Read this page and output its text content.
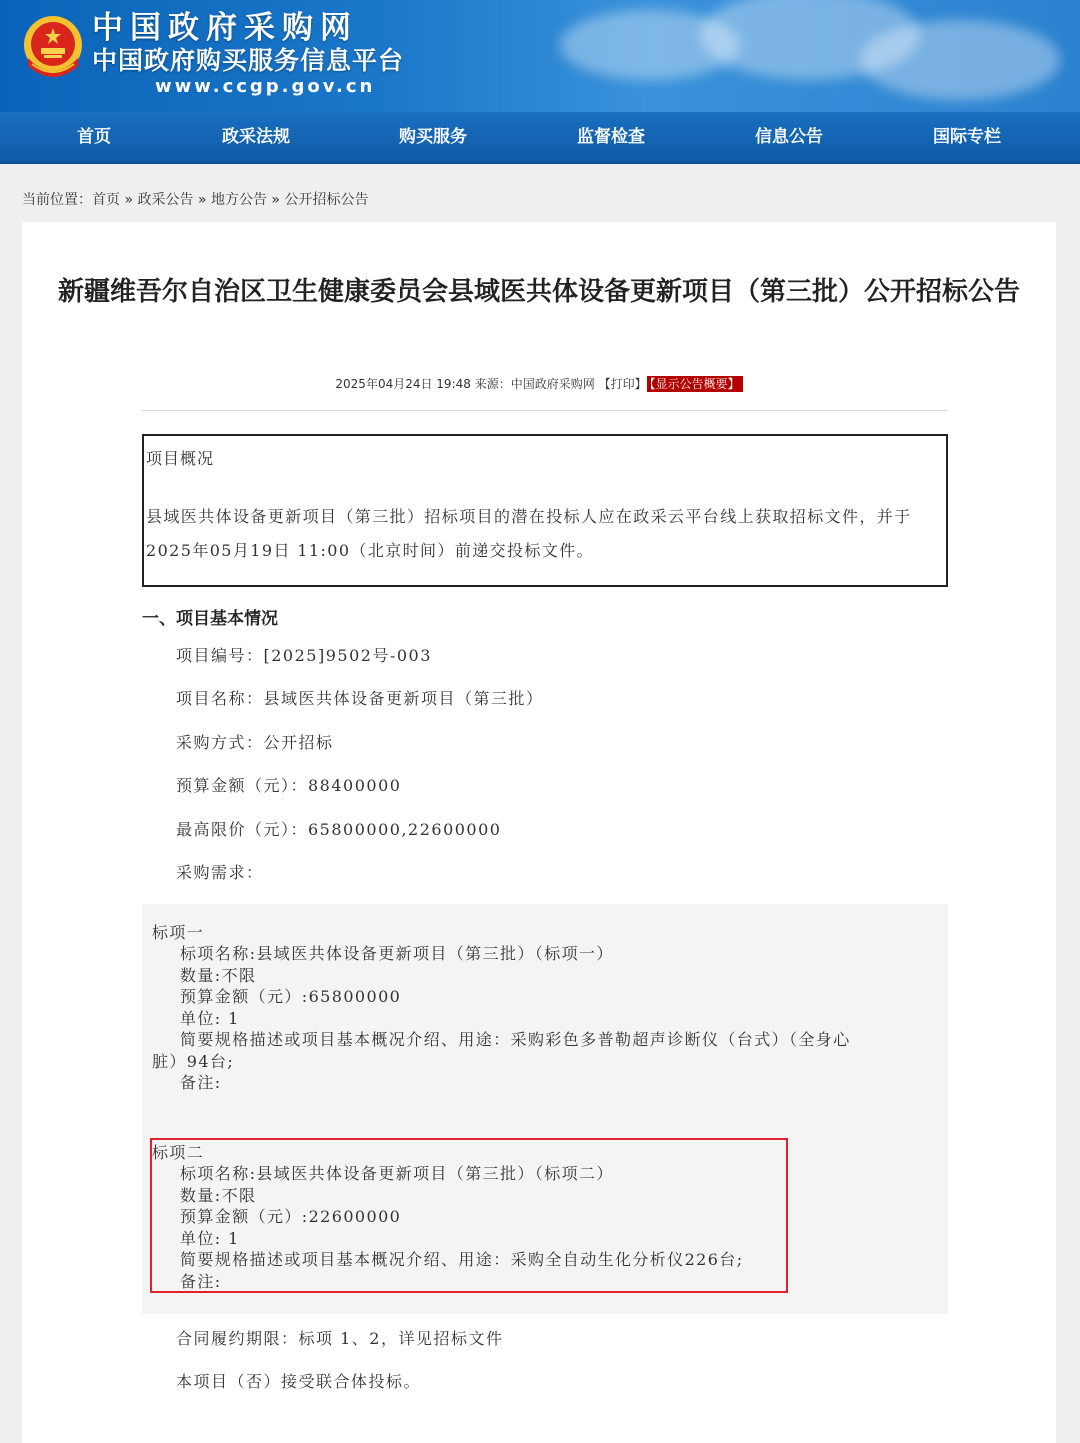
中国政府采购网
中国政府购买服务信息平台
www.ccgp.gov.cn
首页	政采法规	购买服务	监督检查	信息公告	国际专栏
当前位置：首页 » 政采公告 » 地方公告 » 公开招标公告
新疆维吾尔自治区卫生健康委员会县域医共体设备更新项目（第三批）公开招标公告
2025年04月24日 19:48 来源：中国政府采购网 【打印】 【显示公告概要】
项目概况
县域医共体设备更新项目（第三批）招标项目的潜在投标人应在政采云平台线上获取招标文件，并于2025年05月19日 11:00（北京时间）前递交投标文件。
一、项目基本情况
项目编号：[2025]9502号-003
项目名称：县域医共体设备更新项目（第三批）
采购方式：公开招标
预算金额（元）：88400000
最高限价（元）：65800000,22600000
采购需求：
标项一
标项名称:县域医共体设备更新项目（第三批）（标项一）
数量:不限
预算金额（元）:65800000
单位: 1
简要规格描述或项目基本概况介绍、用途：采购彩色多普勒超声诊断仪（台式）（全身心
脏）94台;
备注:
标项二
标项名称:县域医共体设备更新项目（第三批）（标项二）
数量:不限
预算金额（元）:22600000
单位: 1
简要规格描述或项目基本概况介绍、用途：采购全自动生化分析仪226台;
备注:
合同履约期限：标项 1、2，详见招标文件
本项目（否）接受联合体投标。
